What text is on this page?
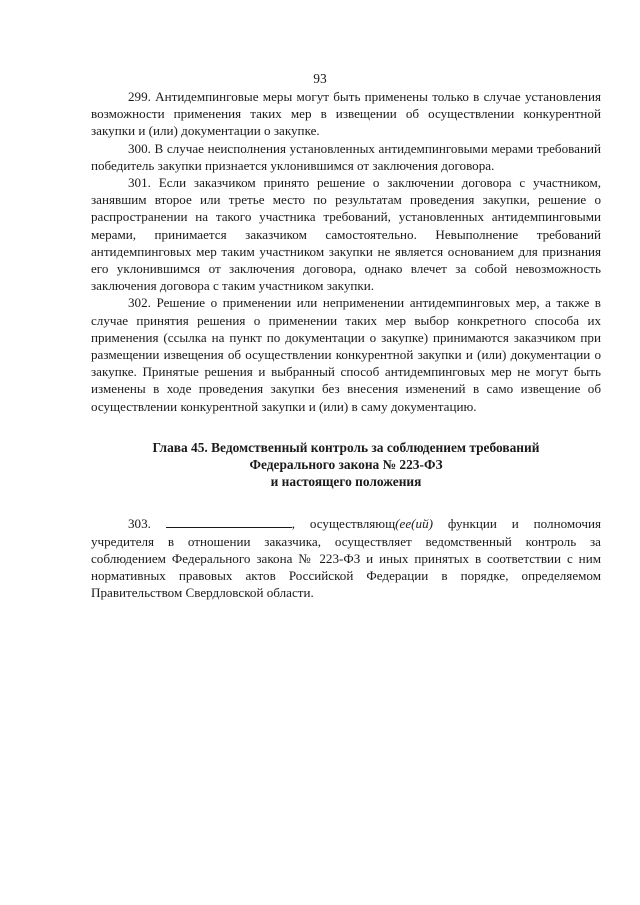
93

299. Антидемпинговые меры могут быть применены только в случае установления возможности применения таких мер в извещении об осуществлении конкурентной закупки и (или) документации о закупке.

300. В случае неисполнения установленных антидемпинговыми мерами требований победитель закупки признается уклонившимся от заключения договора.

301. Если заказчиком принято решение о заключении договора с участником, занявшим второе или третье место по результатам проведения закупки, решение о распространении на такого участника требований, установленных антидемпинговыми мерами, принимается заказчиком самостоятельно. Невыполнение требований антидемпинговых мер таким участником закупки не является основанием для признания его уклонившимся от заключения договора, однако влечет за собой невозможность заключения договора с таким участником закупки.

302. Решение о применении или неприменении антидемпинговых мер, а также в случае принятия решения о применении таких мер выбор конкретного способа их применения (ссылка на пункт по документации о закупке) принимаются заказчиком при размещении извещения об осуществлении конкурентной закупки и (или) документации о закупке. Принятые решения и выбранный способ антидемпинговых мер не могут быть изменены в ходе проведения закупки без внесения изменений в само извещение об осуществлении конкурентной закупки и (или) в саму документацию.

Глава 45. Ведомственный контроль за соблюдением требований
Федерального закона № 223-ФЗ
и настоящего положения

303.	, осуществляющ(ее(ий) функции и полномочия учредителя в отношении заказчика, осуществляет ведомственный контроль за соблюдением Федерального закона № 223-ФЗ и иных принятых в соответствии с ним нормативных правовых актов Российской Федерации в порядке, определяемом Правительством Свердловской области.
